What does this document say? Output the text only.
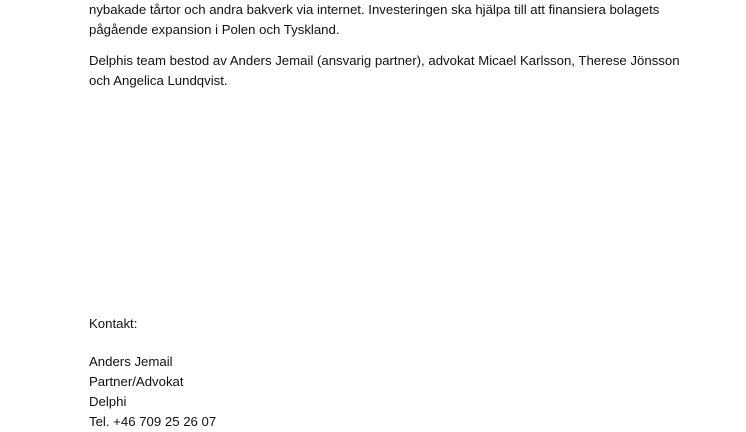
nybakade tårtor och andra bakverk via internet. Investeringen ska hjälpa till att finansiera bolagets
pågående expansion i Polen och Tyskland.
Delphis team bestod av Anders Jemail (ansvarig partner), advokat Micael Karlsson, Therese Jönsson
och Angelica Lundqvist.
Kontakt:
Anders Jemail
Partner/Advokat
Delphi
Tel. +46 709 25 26 07
